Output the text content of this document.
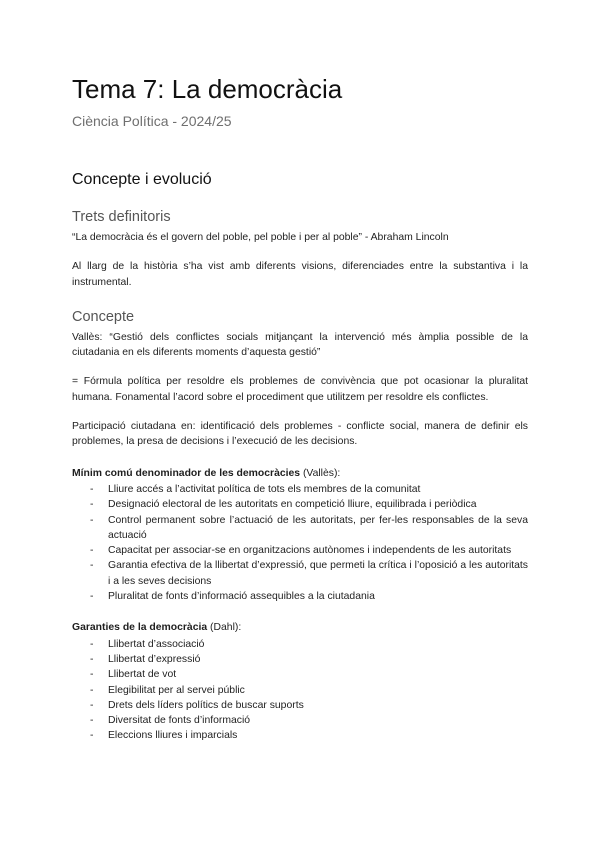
Tema 7: La democràcia
Ciència Política - 2024/25
Concepte i evolució
Trets definitoris

“La democràcia és el govern del poble, pel poble i per al poble” - Abraham Lincoln

Al llarg de la història s’ha vist amb diferents visions, diferenciades entre la substantiva i la instrumental.

Concepte

Vallès: “Gestió dels conflictes socials mitjançant la intervenció més àmplia possible de la ciutadania en els diferents moments d’aquesta gestió”

= Fórmula política per resoldre els problemes de convivència que pot ocasionar la pluralitat humana. Fonamental l’acord sobre el procediment que utilitzem per resoldre els conflictes.

Participació ciutadana en: identificació dels problemes - conflicte social, manera de definir els problemes, la presa de decisions i l’execució de les decisions.

Mínim comú denominador de les democràcies (Vallès):

- Lliure accés a l’activitat política de tots els membres de la comunitat
- Designació electoral de les autoritats en competició lliure, equilibrada i periòdica
- Control permanent sobre l’actuació de les autoritats, per fer-les responsables de la seva actuació
- Capacitat per associar-se en organitzacions autònomes i independents de les autoritats
- Garantia efectiva de la llibertat d’expressió, que permeti la crítica i l’oposició a les autoritats i a les seves decisions
- Pluralitat de fonts d’informació assequibles a la ciutadania

Garanties de la democràcia (Dahl):

- Llibertat d’associació
- Llibertat d’expressió
- Llibertat de vot
- Elegibilitat per al servei públic
- Drets dels líders polítics de buscar suports
- Diversitat de fonts d’informació
- Eleccions lliures i imparcials
